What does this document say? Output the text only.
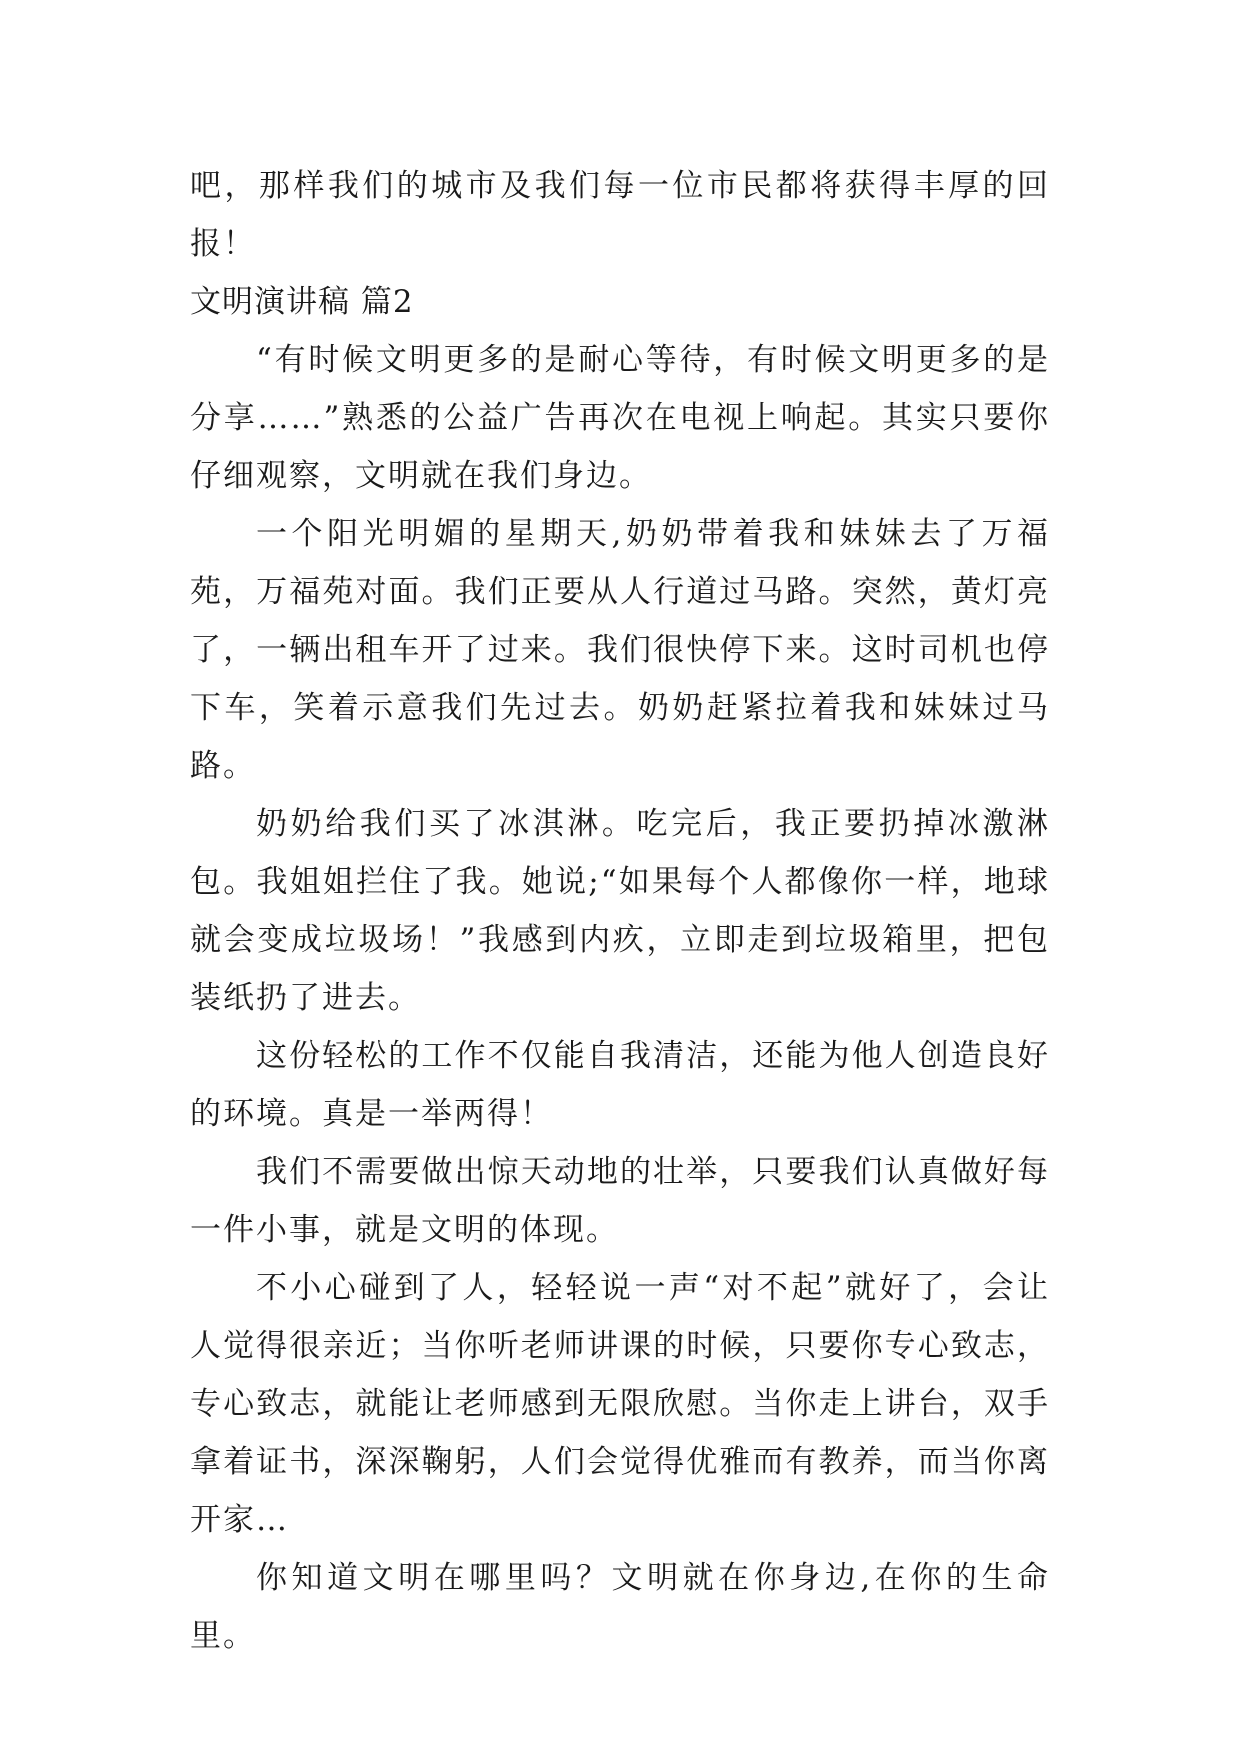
吧，那样我们的城市及我们每一位市民都将获得丰厚的回报！

文明演讲稿 篇2

“有时候文明更多的是耐心等待，有时候文明更多的是分享……”熟悉的公益广告再次在电视上响起。其实只要你仔细观察，文明就在我们身边。

一个阳光明媚的星期天,奶奶带着我和妹妹去了万福苑，万福苑对面。我们正要从人行道过马路。突然，黄灯亮了，一辆出租车开了过来。我们很快停下来。这时司机也停下车，笑着示意我们先过去。奶奶赶紧拉着我和妹妹过马路。

奶奶给我们买了冰淇淋。吃完后，我正要扔掉冰激淋包。我姐姐拦住了我。她说;“如果每个人都像你一样，地球就会变成垃圾场！”我感到内疚，立即走到垃圾箱里，把包装纸扔了进去。

这份轻松的工作不仅能自我清洁，还能为他人创造良好的环境。真是一举两得！

我们不需要做出惊天动地的壮举，只要我们认真做好每一件小事，就是文明的体现。

不小心碰到了人，轻轻说一声“对不起”就好了，会让人觉得很亲近；当你听老师讲课的时候，只要你专心致志，专心致志，就能让老师感到无限欣慰。当你走上讲台，双手拿着证书，深深鞠躬，人们会觉得优雅而有教养，而当你离开家…

你知道文明在哪里吗？文明就在你身边,在你的生命里。
